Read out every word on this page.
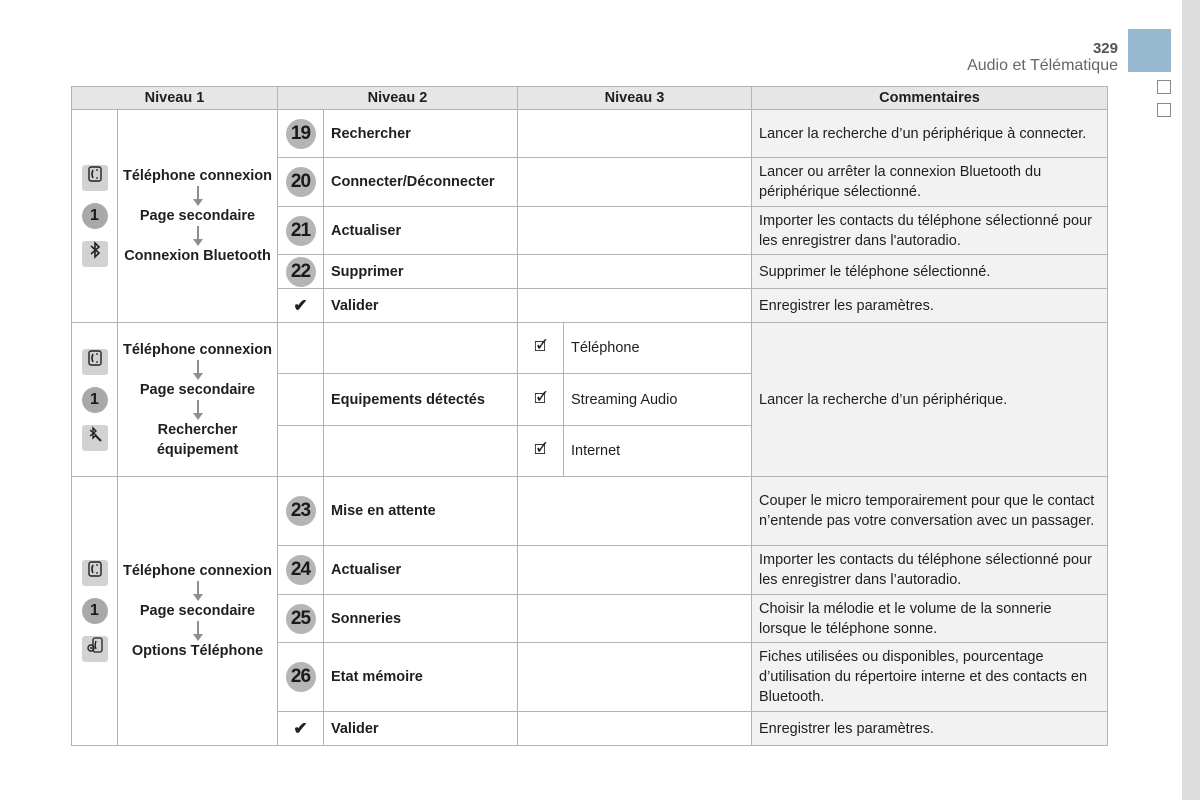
329
Audio et Télématique
Niveau 1		Niveau 2		Niveau 3		Commentaires

1	Téléphone connexion
Page secondaire
Connexion Bluetooth	19	Rechercher			Lancer la recherche d’un périphérique à connecter.
		20	Connecter/Déconnecter			Lancer ou arrêter la connexion Bluetooth du périphérique sélectionné.
		21	Actualiser			Importer les contacts du téléphone sélectionné pour les enregistrer dans l'autoradio.
		22	Supprimer			Supprimer le téléphone sélectionné.
		✔	Valider			Enregistrer les paramètres.

1	Téléphone connexion
Page secondaire
Rechercher équipement			🗹	Téléphone	Lancer la recherche d’un périphérique.
			Equipements détectés	🗹	Streaming Audio	
				🗹	Internet	

1	Téléphone connexion
Page secondaire
Options Téléphone	23	Mise en attente			Couper le micro temporairement pour que le contact n’entende pas votre conversation avec un passager.
		24	Actualiser			Importer les contacts du téléphone sélectionné pour les enregistrer dans l’autoradio.
		25	Sonneries			Choisir la mélodie et le volume de la sonnerie lorsque le téléphone sonne.
		26	Etat mémoire			Fiches utilisées ou disponibles, pourcentage d’utilisation du répertoire interne et des contacts en Bluetooth.
		✔	Valider			Enregistrer les paramètres.
